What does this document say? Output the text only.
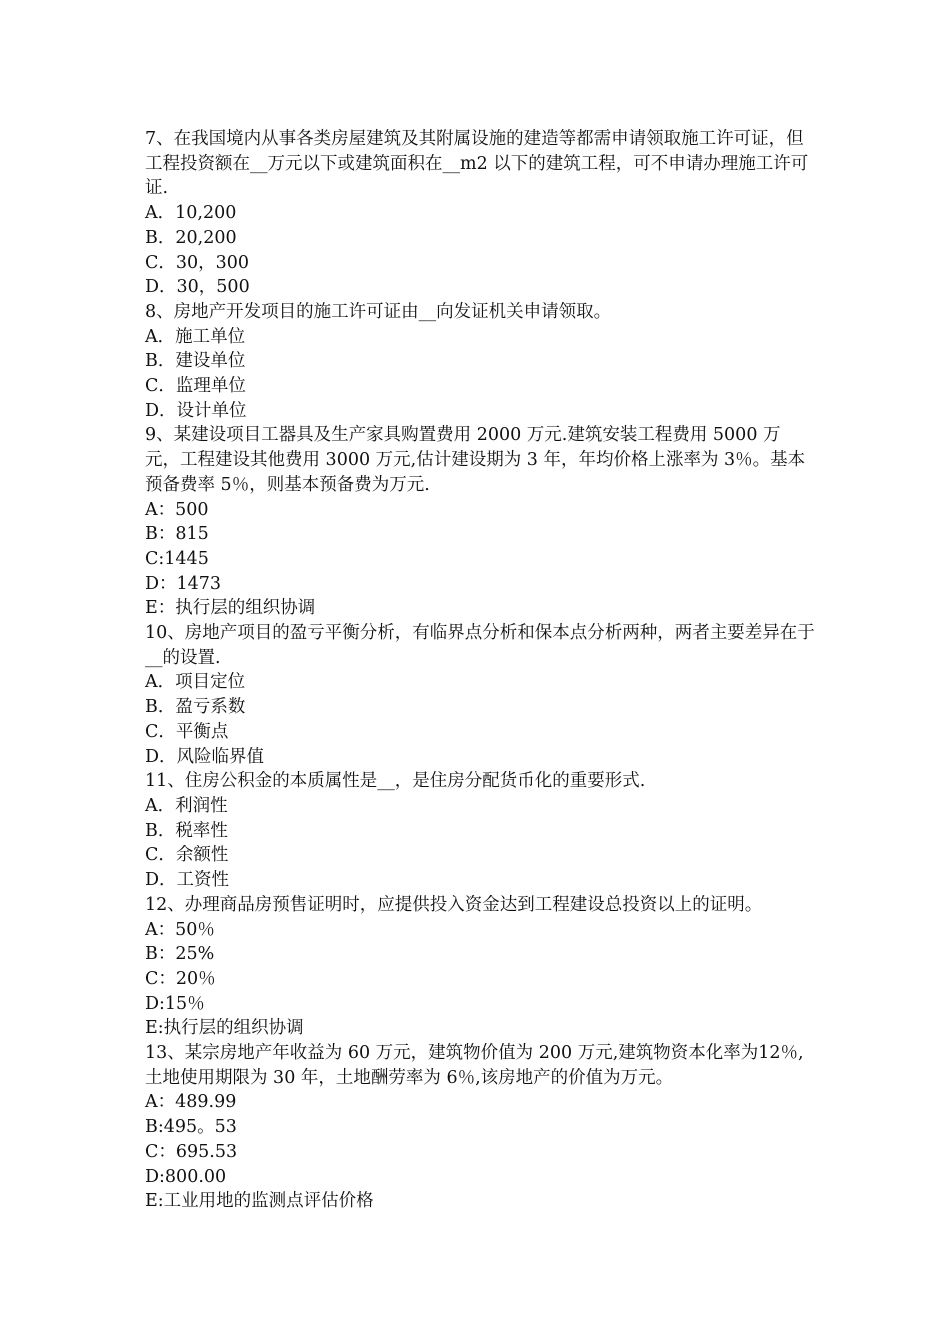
7、在我国境内从事各类房屋建筑及其附属设施的建造等都需申请领取施工许可证，但工程投资额在__万元以下或建筑面积在__m2 以下的建筑工程，可不申请办理施工许可证.

A．10,200
B．20,200
C．30，300
D．30，500

8、房地产开发项目的施工许可证由__向发证机关申请领取。

A．施工单位
B．建设单位
C．监理单位
D．设计单位

9、某建设项目工器具及生产家具购置费用 2000 万元.建筑安装工程费用 5000 万元，工程建设其他费用 3000 万元,估计建设期为 3 年，年均价格上涨率为 3％。基本预备费率 5％，则基本预备费为万元.

A：500
B：815
C:1445
D：1473
E：执行层的组织协调

10、房地产项目的盈亏平衡分析，有临界点分析和保本点分析两种，两者主要差异在于__的设置.

A．项目定位
B．盈亏系数
C．平衡点
D．风险临界值

11、住房公积金的本质属性是__，是住房分配货币化的重要形式.

A．利润性
B．税率性
C．余额性
D．工资性

12、办理商品房预售证明时，应提供投入资金达到工程建设总投资以上的证明。

A：50％
B：25%
C：20％
D:15％
E:执行层的组织协调

13、某宗房地产年收益为 60 万元，建筑物价值为 200 万元,建筑物资本化率为12％,土地使用期限为 30 年，土地酬劳率为 6％,该房地产的价值为万元。

A：489.99
B:495。53
C：695.53
D:800.00
E:工业用地的监测点评估价格
